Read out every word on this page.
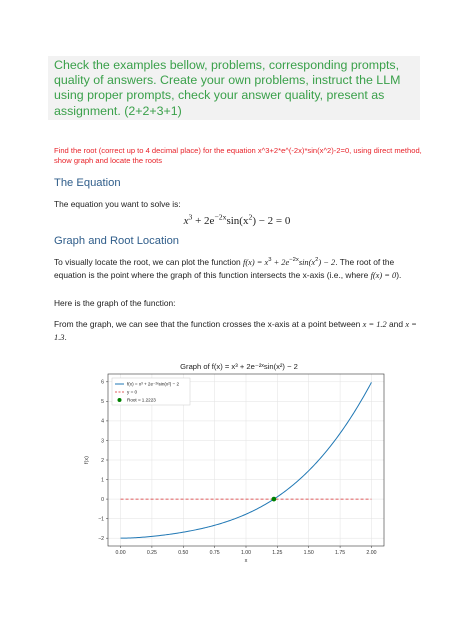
Check the examples bellow, problems, corresponding prompts, quality of answers. Create your own problems, instruct the LLM using proper prompts, check your answer quality, present as assignment. (2+2+3+1)
Find the root (correct up to 4 decimal place) for the equation x^3+2*e^(-2x)*sin(x^2)-2=0, using direct method, show graph and locate the roots
The Equation
The equation you want to solve is:
$x^3 + 2e^{-2x}\sin(x^2) - 2 = 0$
Graph and Root Location
To visually locate the root, we can plot the function $f(x) = x^3 + 2e^{-2x}\sin(x^2) - 2$. The root of the equation is the point where the graph of this function intersects the x-axis (i.e., where f(x) = 0).
Here is the graph of the function:
From the graph, we can see that the function crosses the x-axis at a point between x = 1.2 and x = 1.3.
Graph of f(x) = x³ + 2e⁻²ˣsin(x²) − 2
0.00	0.25	0.50	0.75	1.00	1.25	1.50	1.75	2.00
−2
−1
0
1
2
3
4
5
6
x
f(x)
f(x) = x³ + 2e⁻²ˣsin(x²) − 2
y = 0
Root ≈ 1.2223
